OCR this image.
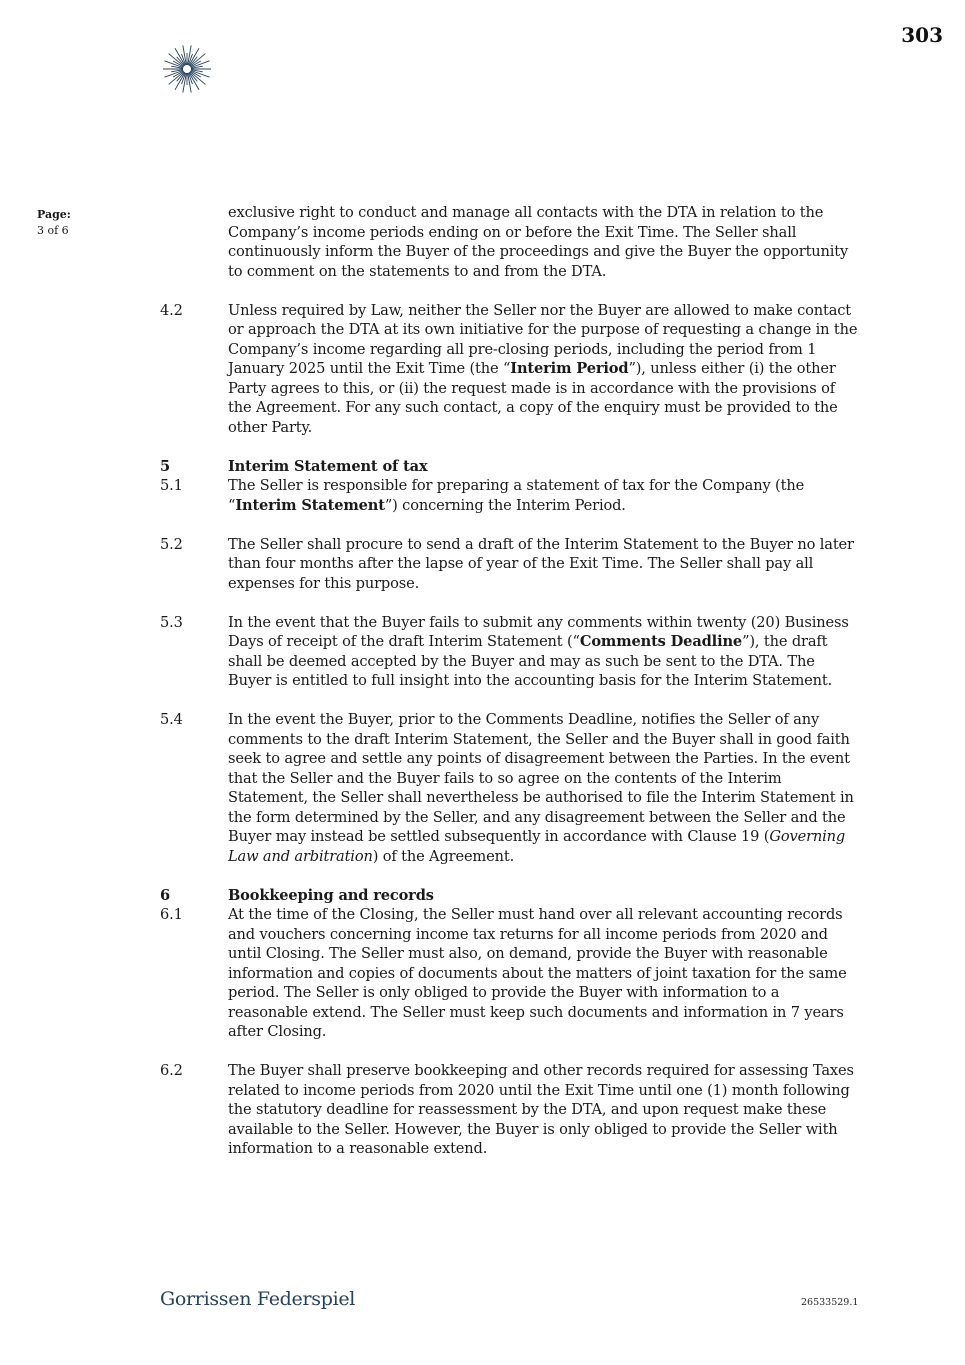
303
Page:
3 of 6
exclusive right to conduct and manage all contacts with the DTA in relation to the Company’s income periods ending on or before the Exit Time. The Seller shall continuously inform the Buyer of the proceedings and give the Buyer the opportunity to comment on the statements to and from the DTA.
4.2	Unless required by Law, neither the Seller nor the Buyer are allowed to make contact or approach the DTA at its own initiative for the purpose of requesting a change in the Company’s income regarding all pre-closing periods, including the period from 1 January 2025 until the Exit Time (the “Interim Period”), unless either (i) the other Party agrees to this, or (ii) the request made is in accordance with the provisions of the Agreement. For any such contact, a copy of the enquiry must be provided to the other Party.
5	Interim Statement of tax
5.1	The Seller is responsible for preparing a statement of tax for the Company (the “Interim Statement”) concerning the Interim Period.
5.2	The Seller shall procure to send a draft of the Interim Statement to the Buyer no later than four months after the lapse of year of the Exit Time. The Seller shall pay all expenses for this purpose.
5.3	In the event that the Buyer fails to submit any comments within twenty (20) Business Days of receipt of the draft Interim Statement (“Comments Deadline”), the draft shall be deemed accepted by the Buyer and may as such be sent to the DTA. The Buyer is entitled to full insight into the accounting basis for the Interim Statement.
5.4	In the event the Buyer, prior to the Comments Deadline, notifies the Seller of any comments to the draft Interim Statement, the Seller and the Buyer shall in good faith seek to agree and settle any points of disagreement between the Parties. In the event that the Seller and the Buyer fails to so agree on the contents of the Interim Statement, the Seller shall nevertheless be authorised to file the Interim Statement in the form determined by the Seller, and any disagreement between the Seller and the Buyer may instead be settled subsequently in accordance with Clause 19 (Governing Law and arbitration) of the Agreement.
6	Bookkeeping and records
6.1	At the time of the Closing, the Seller must hand over all relevant accounting records and vouchers concerning income tax returns for all income periods from 2020 and until Closing. The Seller must also, on demand, provide the Buyer with reasonable information and copies of documents about the matters of joint taxation for the same period. The Seller is only obliged to provide the Buyer with information to a reasonable extend. The Seller must keep such documents and information in 7 years after Closing.
6.2	The Buyer shall preserve bookkeeping and other records required for assessing Taxes related to income periods from 2020 until the Exit Time until one (1) month following the statutory deadline for reassessment by the DTA, and upon request make these available to the Seller. However, the Buyer is only obliged to provide the Seller with information to a reasonable extend.
Gorrissen Federspiel	26533529.1
